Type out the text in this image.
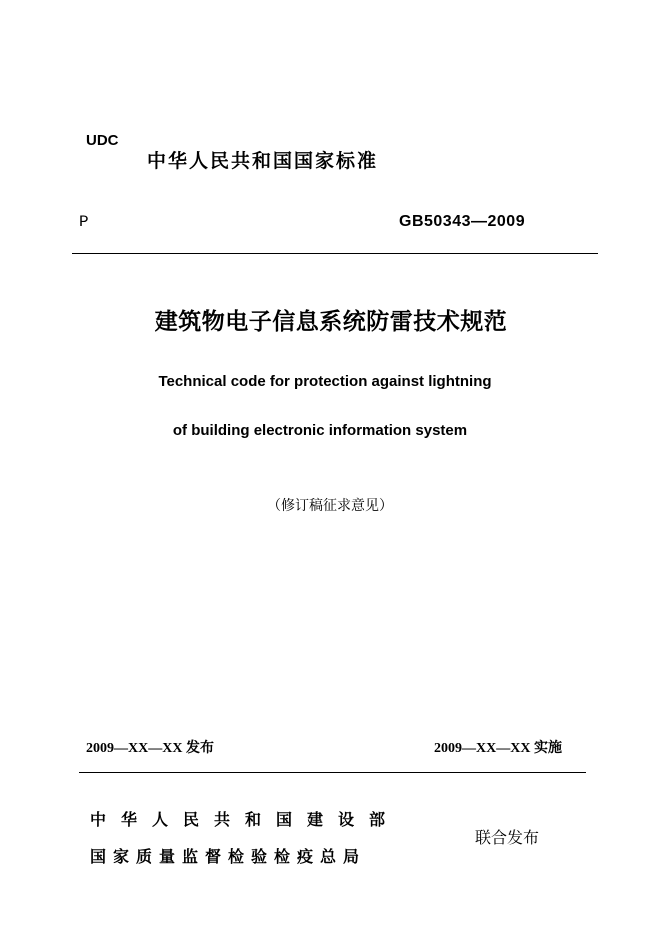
UDC
中华人民共和国国家标准
P	GB50343—2009
建筑物电子信息系统防雷技术规范
Technical code for protection against lightning
of building electronic information system
（修订稿征求意见）
2009—XX—XX 发布	2009—XX—XX 实施
中华人民共和国建设部
国家质量监督检验检疫总局
联合发布
